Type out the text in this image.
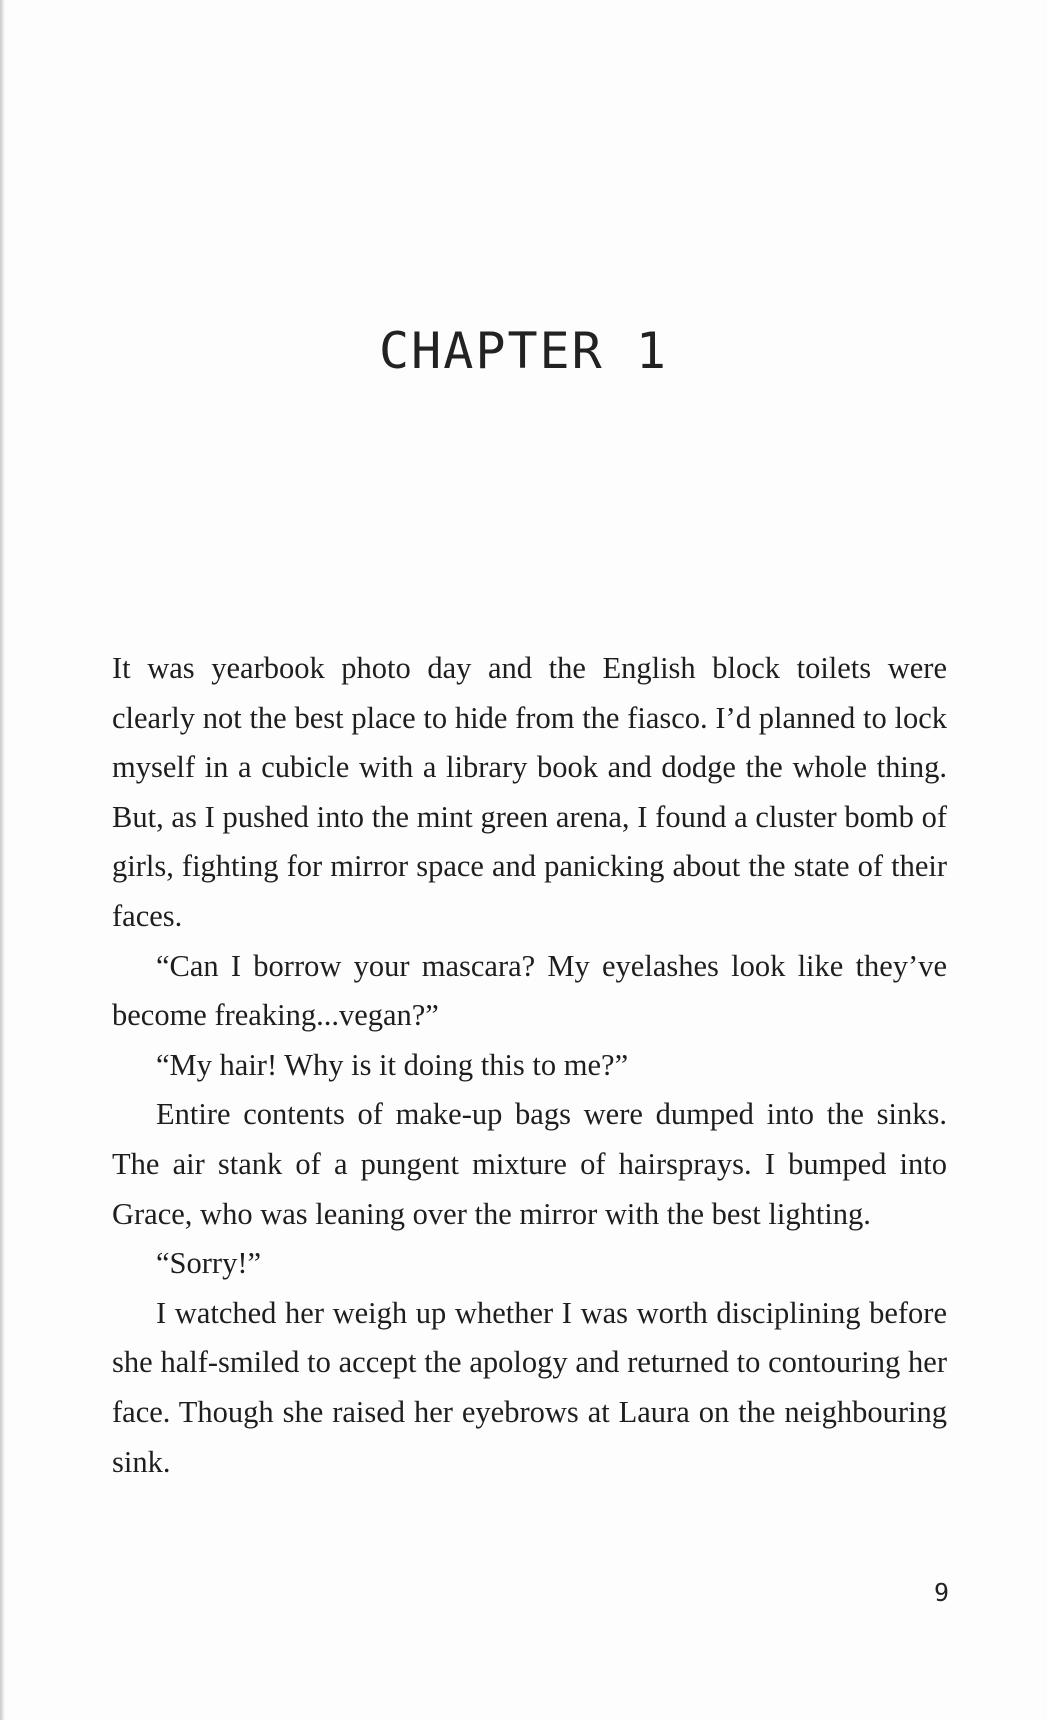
CHAPTER 1

It was yearbook photo day and the English block toilets were clearly not the best place to hide from the fiasco. I’d planned to lock myself in a cubicle with a library book and dodge the whole thing. But, as I pushed into the mint green arena, I found a cluster bomb of girls, fighting for mirror space and panicking about the state of their faces.

“Can I borrow your mascara? My eyelashes look like they’ve become freaking...vegan?”

“My hair! Why is it doing this to me?”

Entire contents of make-up bags were dumped into the sinks. The air stank of a pungent mixture of hairsprays. I bumped into Grace, who was leaning over the mirror with the best lighting.

“Sorry!”

I watched her weigh up whether I was worth disciplining before she half-smiled to accept the apology and returned to contouring her face. Though she raised her eyebrows at Laura on the neighbouring sink.

9
